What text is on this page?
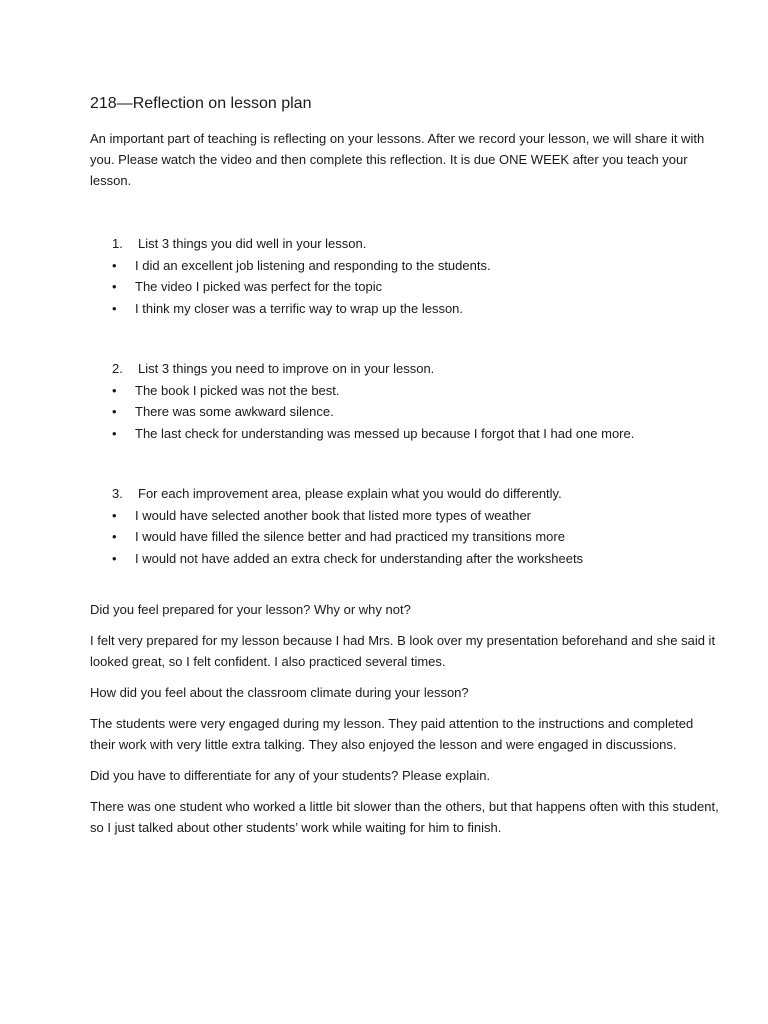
218—Reflection on lesson plan

An important part of teaching is reflecting on your lessons. After we record your lesson, we will share it with you. Please watch the video and then complete this reflection. It is due ONE WEEK after you teach your lesson.

1. List 3 things you did well in your lesson.
• I did an excellent job listening and responding to the students.
• The video I picked was perfect for the topic
• I think my closer was a terrific way to wrap up the lesson.
2. List 3 things you need to improve on in your lesson.
• The book I picked was not the best.
• There was some awkward silence.
• The last check for understanding was messed up because I forgot that I had one more.
3. For each improvement area, please explain what you would do differently.
• I would have selected another book that listed more types of weather
• I would have filled the silence better and had practiced my transitions more
• I would not have added an extra check for understanding after the worksheets

Did you feel prepared for your lesson? Why or why not?

I felt very prepared for my lesson because I had Mrs. B look over my presentation beforehand and she said it looked great, so I felt confident. I also practiced several times.

How did you feel about the classroom climate during your lesson?

The students were very engaged during my lesson. They paid attention to the instructions and completed their work with very little extra talking. They also enjoyed the lesson and were engaged in discussions.

Did you have to differentiate for any of your students? Please explain.

There was one student who worked a little bit slower than the others, but that happens often with this student, so I just talked about other students’ work while waiting for him to finish.
